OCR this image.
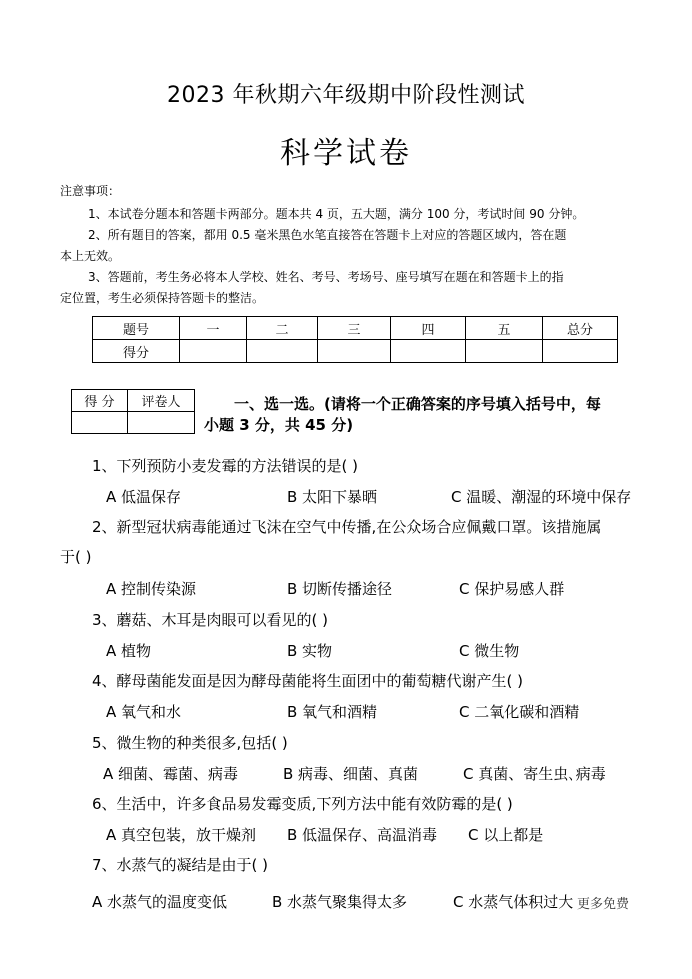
2023 年秋期六年级期中阶段性测试
科学试卷
注意事项：
1、本试卷分题本和答题卡两部分。题本共 4 页，五大题，满分 100 分，考试时间 90 分钟。
2、所有题目的答案，都用 0.5 毫米黑色水笔直接答在答题卡上对应的答题区域内，答在题
本上无效。
3、答题前，考生务必将本人学校、姓名、考号、考场号、座号填写在题在和答题卡上的指
定位置，考生必须保持答题卡的整洁。
题号	一	二	三	四	五	总分
得分						
得 分	评卷人
		一、选一选。(请将一个正确答案的序号填入括号中，每
小题 3 分，共 45 分)
1、下列预防小麦发霉的方法错误的是( )
A 低温保存	B 太阳下暴晒	C 温暖、潮湿的环境中保存
2、新型冠状病毒能通过飞沫在空气中传播,在公众场合应佩戴口罩。该措施属
于( )
A 控制传染源	B 切断传播途径	C 保护易感人群
3、蘑菇、木耳是肉眼可以看见的( )
A 植物	B 实物	C 微生物
4、酵母菌能发面是因为酵母菌能将生面团中的葡萄糖代谢产生( )
A 氧气和水	B 氧气和酒精	C 二氧化碳和酒精
5、微生物的种类很多,包括( )
A 细菌、霉菌、病毒	B 病毒、细菌、真菌	C 真菌、寄生虫､病毒
6、生活中，许多食品易发霉变质,下列方法中能有效防霉的是( )
A 真空包装，放干燥剂 B 低温保存、高温消毒 C 以上都是
7、水蒸气的凝结是由于( )
A 水蒸气的温度变低	B 水蒸气聚集得太多	C 水蒸气体积过大 更多免费
